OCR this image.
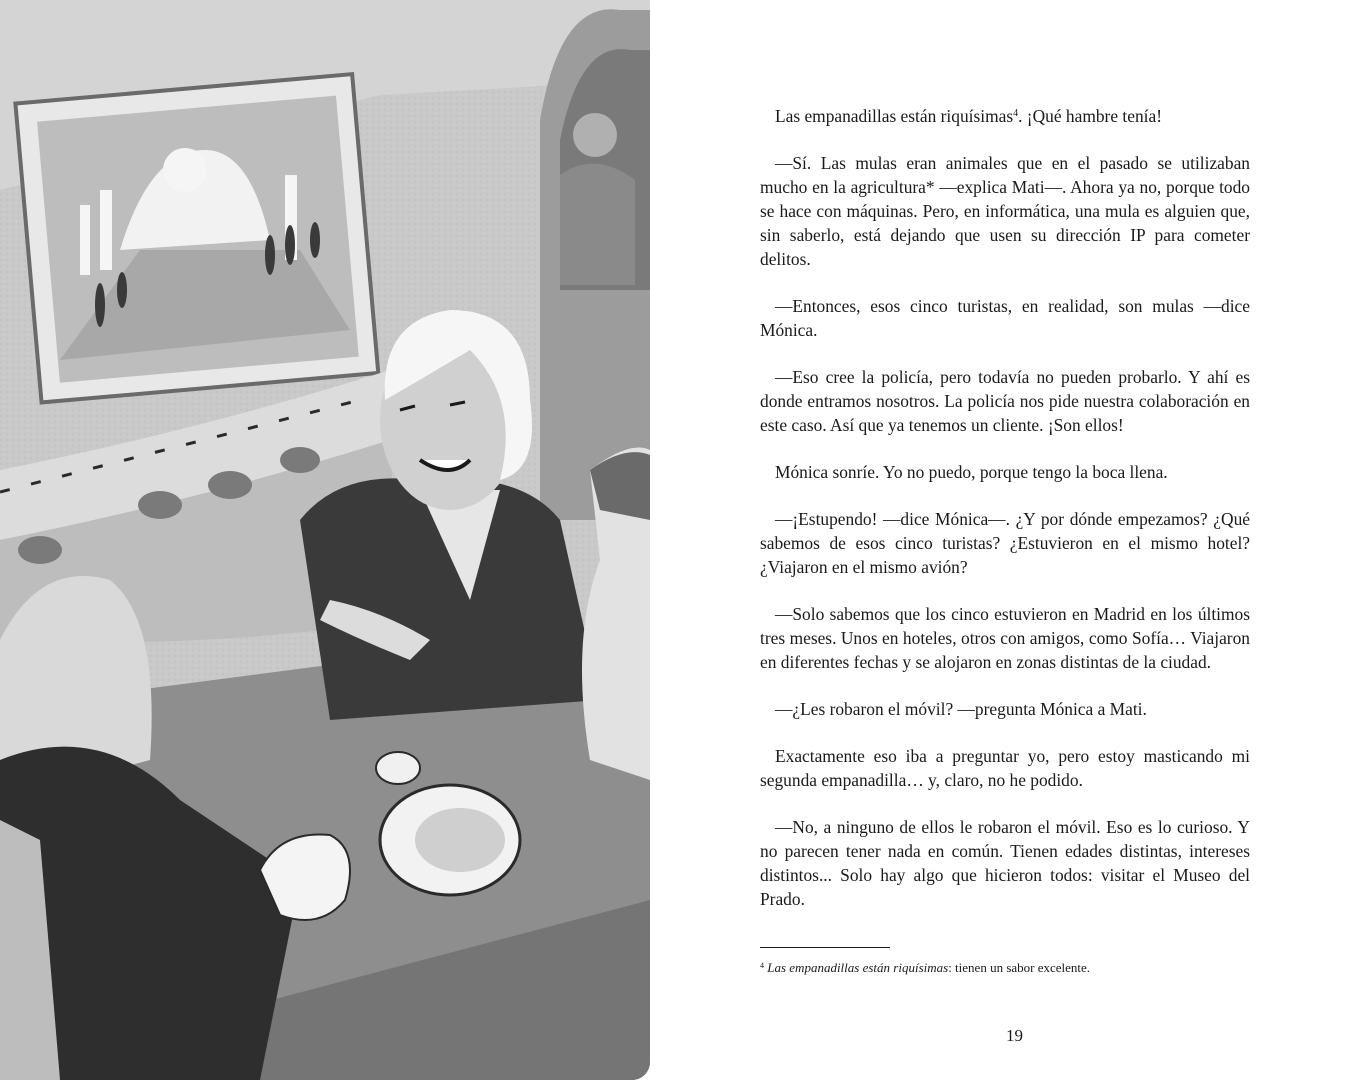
Las empanadillas están riquísimas$^4$. ¡Qué hambre tenía!

—Sí. Las mulas eran animales que en el pasado se utilizaban mucho en la agricultura* —explica Mati—. Ahora ya no, porque todo se hace con máquinas. Pero, en informática, una mula es alguien que, sin saberlo, está dejando que usen su dirección IP para cometer delitos.

—Entonces, esos cinco turistas, en realidad, son mulas —dice Mónica.

—Eso cree la policía, pero todavía no pueden probarlo. Y ahí es donde entramos nosotros. La policía nos pide nuestra colaboración en este caso. Así que ya tenemos un cliente. ¡Son ellos!

Mónica sonríe. Yo no puedo, porque tengo la boca llena.

—¡Estupendo! —dice Mónica—. ¿Y por dónde empezamos? ¿Qué sabemos de esos cinco turistas? ¿Estuvieron en el mismo hotel? ¿Viajaron en el mismo avión?

—Solo sabemos que los cinco estuvieron en Madrid en los últimos tres meses. Unos en hoteles, otros con amigos, como Sofía… Viajaron en diferentes fechas y se alojaron en zonas distintas de la ciudad.

—¿Les robaron el móvil? —pregunta Mónica a Mati.

Exactamente eso iba a preguntar yo, pero estoy masticando mi segunda empanadilla… y, claro, no he podido.

—No, a ninguno de ellos le robaron el móvil. Eso es lo curioso. Y no parecen tener nada en común. Tienen edades distintas, intereses distintos... Solo hay algo que hicieron todos: visitar el Museo del Prado.

$^4$ Las empanadillas están riquísimas: tienen un sabor excelente.
19
